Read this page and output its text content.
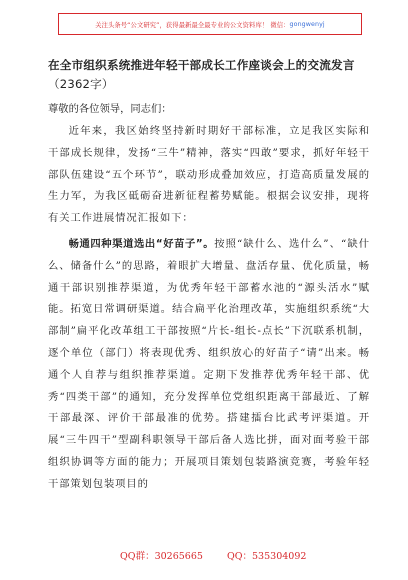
关注头条号“公文研究”，获得最新最全最专业的公文资料库！ 微信： gongwenyj
在全市组织系统推进年轻干部成长工作座谈会上的交流发言（2362字）

尊敬的各位领导，同志们：

近年来，我区始终坚持新时期好干部标准，立足我区实际和干部成长规律，发扬“三牛”精神，落实“四敢”要求，抓好年轻干部队伍建设“五个环节”，联动形成叠加效应，打造高质量发展的生力军，为我区砥砺奋进新征程蓄势赋能。根据会议安排，现将有关工作进展情况汇报如下：

畅通四种渠道选出“好苗子”。按照“缺什么、选什么”、“缺什么、储备什么”的思路，着眼扩大增量、盘活存量、优化质量，畅通干部识别推荐渠道，为优秀年轻干部蓄水池的“源头活水”赋能。拓宽日常调研渠道。结合扁平化治理改革，实施组织系统“大部制”扁平化改革组工干部按照“片长-组长-点长”下沉联系机制，逐个单位（部门）将表现优秀、组织放心的好苗子“请”出来。畅通个人自荐与组织推荐渠道。定期下发推荐优秀年轻干部、优秀“四类干部”的通知，充分发挥单位党组织距离干部最近、了解干部最深、评价干部最准的优势。搭建擂台比武考评渠道。开展“三牛四干”型副科职领导干部后备人选比拼，面对面考验干部组织协调等方面的能力；开展项目策划包装路演竞赛，考验年轻干部策划包装项目的

QQ群：30265665	QQ：535304092
